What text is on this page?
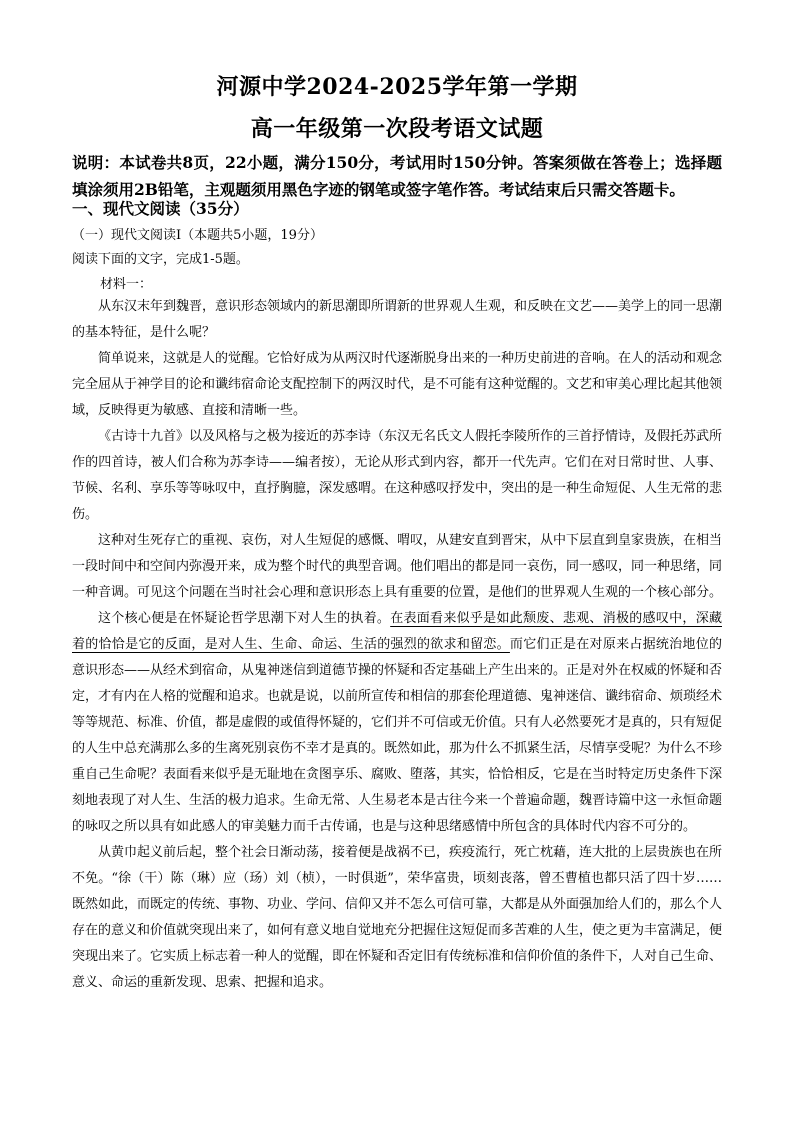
河源中学2024-2025学年第一学期
高一年级第一次段考语文试题
说明：本试卷共8页，22小题，满分150分，考试用时150分钟。答案须做在答卷上；选择题填涂须用2B铅笔，主观题须用黑色字迹的钢笔或签字笔作答。考试结束后只需交答题卡。
一、现代文阅读（35分）
（一）现代文阅读Ⅰ（本题共5小题，19分）
阅读下面的文字，完成1-5题。
材料一：

从东汉末年到魏晋，意识形态领域内的新思潮即所谓新的世界观人生观，和反映在文艺——美学上的同一思潮的基本特征，是什么呢？

简单说来，这就是人的觉醒。它恰好成为从两汉时代逐渐脱身出来的一种历史前进的音响。在人的活动和观念完全屈从于神学目的论和谶纬宿命论支配控制下的两汉时代，是不可能有这种觉醒的。文艺和审美心理比起其他领域，反映得更为敏感、直接和清晰一些。

《古诗十九首》以及风格与之极为接近的苏李诗（东汉无名氏文人假托李陵所作的三首抒情诗，及假托苏武所作的四首诗，被人们合称为苏李诗——编者按），无论从形式到内容，都开一代先声。它们在对日常时世、人事、节候、名利、享乐等等咏叹中，直抒胸臆，深发感喟。在这种感叹抒发中，突出的是一种生命短促、人生无常的悲伤。

这种对生死存亡的重视、哀伤，对人生短促的感慨、喟叹，从建安直到晋宋，从中下层直到皇家贵族，在相当一段时间中和空间内弥漫开来，成为整个时代的典型音调。他们唱出的都是同一哀伤，同一感叹，同一种思绪，同一种音调。可见这个问题在当时社会心理和意识形态上具有重要的位置，是他们的世界观人生观的一个核心部分。

这个核心便是在怀疑论哲学思潮下对人生的执着。在表面看来似乎是如此颓废、悲观、消极的感叹中，深藏着的恰恰是它的反面，是对人生、生命、命运、生活的强烈的欲求和留恋。而它们正是在对原来占据统治地位的意识形态——从经术到宿命，从鬼神迷信到道德节操的怀疑和否定基础上产生出来的。正是对外在权威的怀疑和否定，才有内在人格的觉醒和追求。也就是说，以前所宣传和相信的那套伦理道德、鬼神迷信、谶纬宿命、烦琐经术等等规范、标准、价值，都是虚假的或值得怀疑的，它们并不可信或无价值。只有人必然要死才是真的，只有短促的人生中总充满那么多的生离死别哀伤不幸才是真的。既然如此，那为什么不抓紧生活，尽情享受呢？为什么不珍重自己生命呢？表面看来似乎是无耻地在贪图享乐、腐败、堕落，其实，恰恰相反，它是在当时特定历史条件下深刻地表现了对人生、生活的极力追求。生命无常、人生易老本是古往今来一个普遍命题，魏晋诗篇中这一永恒命题的咏叹之所以具有如此感人的审美魅力而千古传诵，也是与这种思绪感情中所包含的具体时代内容不可分的。

从黄巾起义前后起，整个社会日渐动荡，接着便是战祸不已，疾疫流行，死亡枕藉，连大批的上层贵族也在所不免。“徐（干）陈（琳）应（玚）刘（桢），一时俱逝”，荣华富贵，顷刻丧落，曾丕曹植也都只活了四十岁……既然如此，而既定的传统、事物、功业、学问、信仰又并不怎么可信可靠，大都是从外面强加给人们的，那么个人存在的意义和价值就突现出来了，如何有意义地自觉地充分把握住这短促而多苦难的人生，使之更为丰富满足，便突现出来了。它实质上标志着一种人的觉醒，即在怀疑和否定旧有传统标准和信仰价值的条件下，人对自己生命、意义、命运的重新发现、思索、把握和追求。
